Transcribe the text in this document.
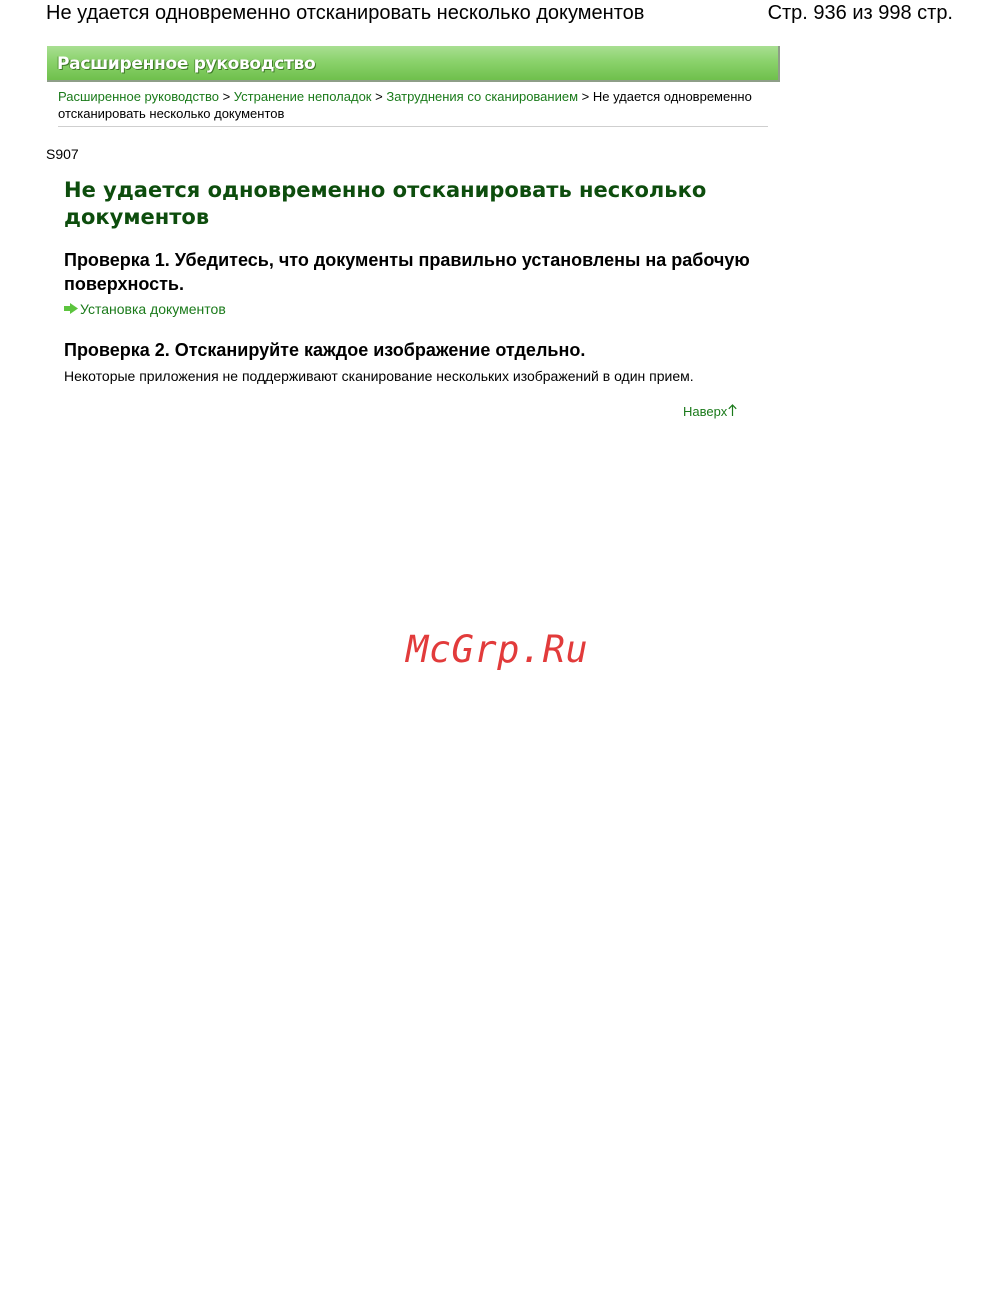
Не удается одновременно отсканировать несколько документов	Стр. 936 из 998 стр.
Расширенное руководство
Расширенное руководство > Устранение неполадок > Затруднения со сканированием > Не удается одновременно отсканировать несколько документов
S907
Не удается одновременно отсканировать несколько документов
Проверка 1. Убедитесь, что документы правильно установлены на рабочую поверхность.
Установка документов
Проверка 2. Отсканируйте каждое изображение отдельно.
Некоторые приложения не поддерживают сканирование нескольких изображений в один прием.
Наверх
McGrp.Ru
